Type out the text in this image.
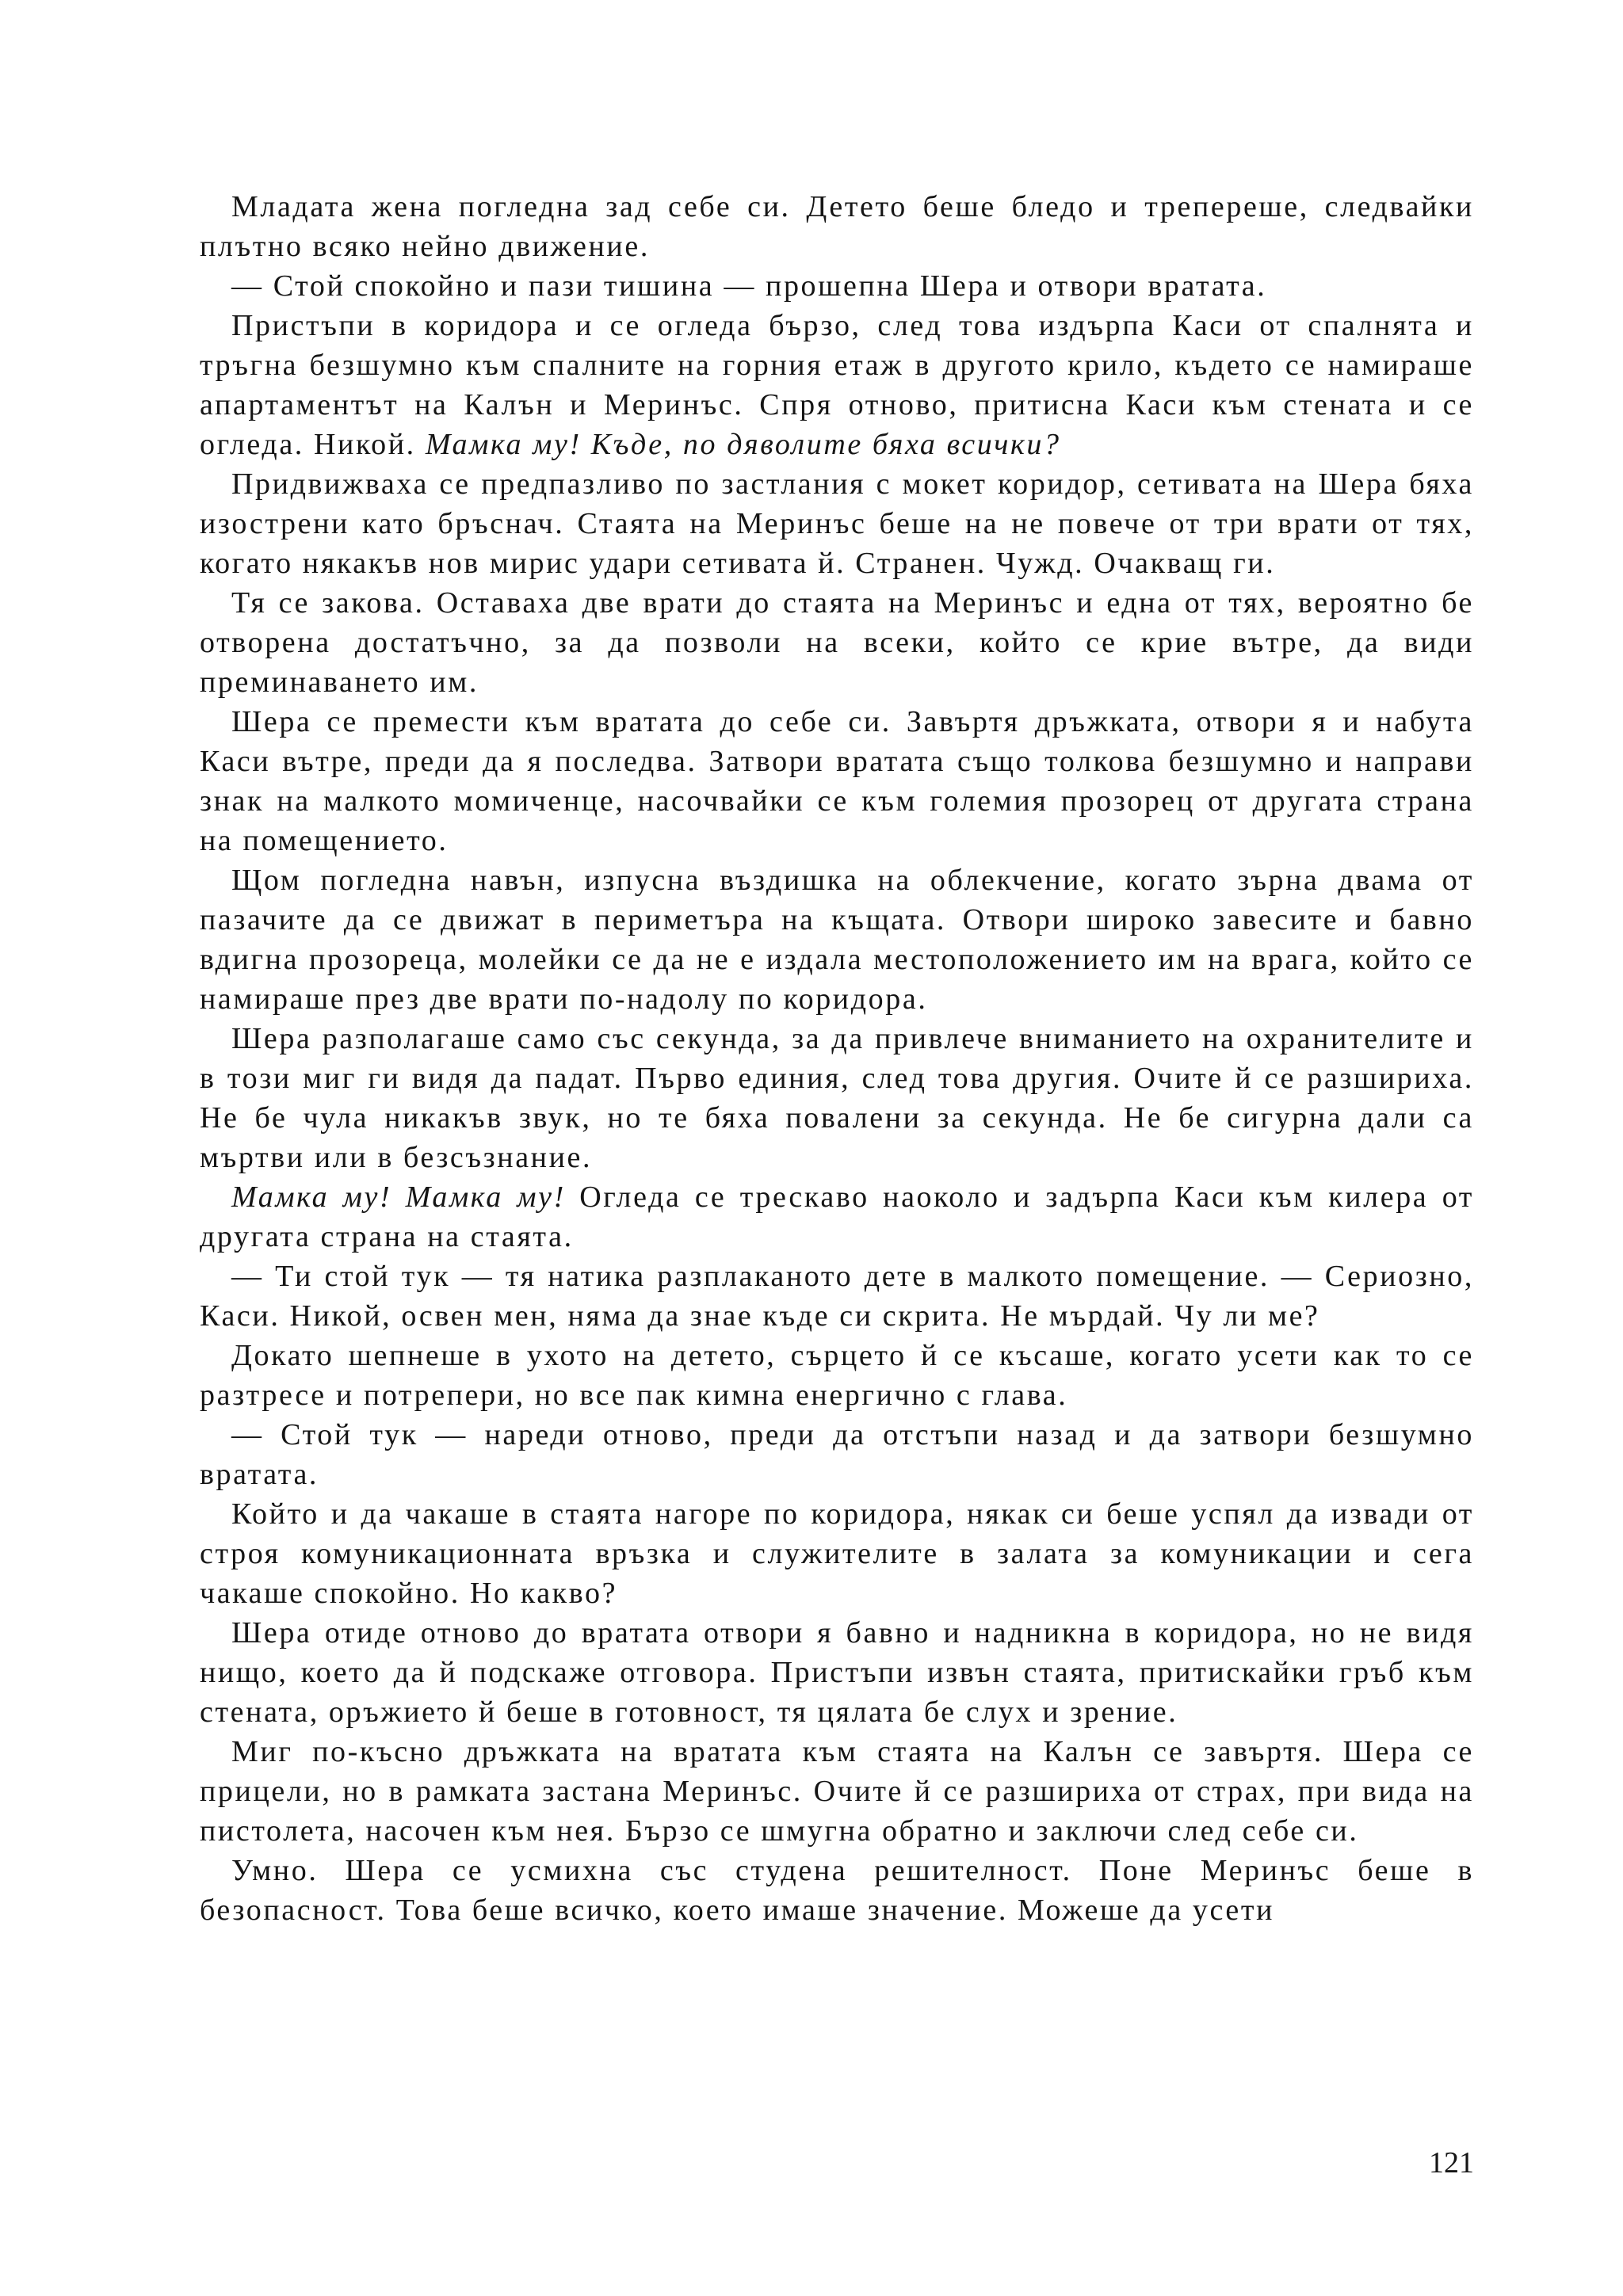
Младата жена погледна зад себе си. Детето беше бледо и трепереше, следвайки плътно всяко нейно движение.

— Стой спокойно и пази тишина — прошепна Шера и отвори вратата.

Пристъпи в коридора и се огледа бързо, след това издърпа Каси от спалнята и тръгна безшумно към спалните на горния етаж в другото крило, където се намираше апартаментът на Калън и Меринъс. Спря отново, притисна Каси към стената и се огледа. Никой. Мамка му! Къде, по дяволите бяха всички?

Придвижваха се предпазливо по застлания с мокет коридор, сетивата на Шера бяха изострени като бръснач. Стаята на Меринъс беше на не повече от три врати от тях, когато някакъв нов мирис удари сетивата й. Странен. Чужд. Очакващ ги.

Тя се закова. Оставаха две врати до стаята на Меринъс и една от тях, вероятно бе отворена достатъчно, за да позволи на всеки, който се крие вътре, да види преминаването им.

Шера се премести към вратата до себе си. Завъртя дръжката, отвори я и набута Каси вътре, преди да я последва. Затвори вратата също толкова безшумно и направи знак на малкото момиченце, насочвайки се към големия прозорец от другата страна на помещението.

Щом погледна навън, изпусна въздишка на облекчение, когато зърна двама от пазачите да се движат в периметъра на къщата. Отвори широко завесите и бавно вдигна прозореца, молейки се да не е издала местоположението им на врага, който се намираше през две врати по-надолу по коридора.

Шера разполагаше само със секунда, за да привлече вниманието на охранителите и в този миг ги видя да падат. Първо единия, след това другия. Очите й се разшириха. Не бе чула никакъв звук, но те бяха повалени за секунда. Не бе сигурна дали са мъртви или в безсъзнание.

Мамка му! Мамка му! Огледа се трескаво наоколо и задърпа Каси към килера от другата страна на стаята.

— Ти стой тук — тя натика разплаканото дете в малкото помещение. — Сериозно, Каси. Никой, освен мен, няма да знае къде си скрита. Не мърдай. Чу ли ме?

Докато шепнеше в ухото на детето, сърцето й се късаше, когато усети как то се разтресе и потрепери, но все пак кимна енергично с глава.

— Стой тук — нареди отново, преди да отстъпи назад и да затвори безшумно вратата.

Който и да чакаше в стаята нагоре по коридора, някак си беше успял да извади от строя комуникационната връзка и служителите в залата за комуникации и сега чакаше спокойно. Но какво?

Шера отиде отново до вратата отвори я бавно и надникна в коридора, но не видя нищо, което да й подскаже отговора. Пристъпи извън стаята, притискайки гръб към стената, оръжието й беше в готовност, тя цялата бе слух и зрение.

Миг по-късно дръжката на вратата към стаята на Калън се завъртя. Шера се прицели, но в рамката застана Меринъс. Очите й се разшириха от страх, при вида на пистолета, насочен към нея. Бързо се шмугна обратно и заключи след себе си.

Умно. Шера се усмихна със студена решителност. Поне Меринъс беше в безопасност. Това беше всичко, което имаше значение. Можеше да усети

121
